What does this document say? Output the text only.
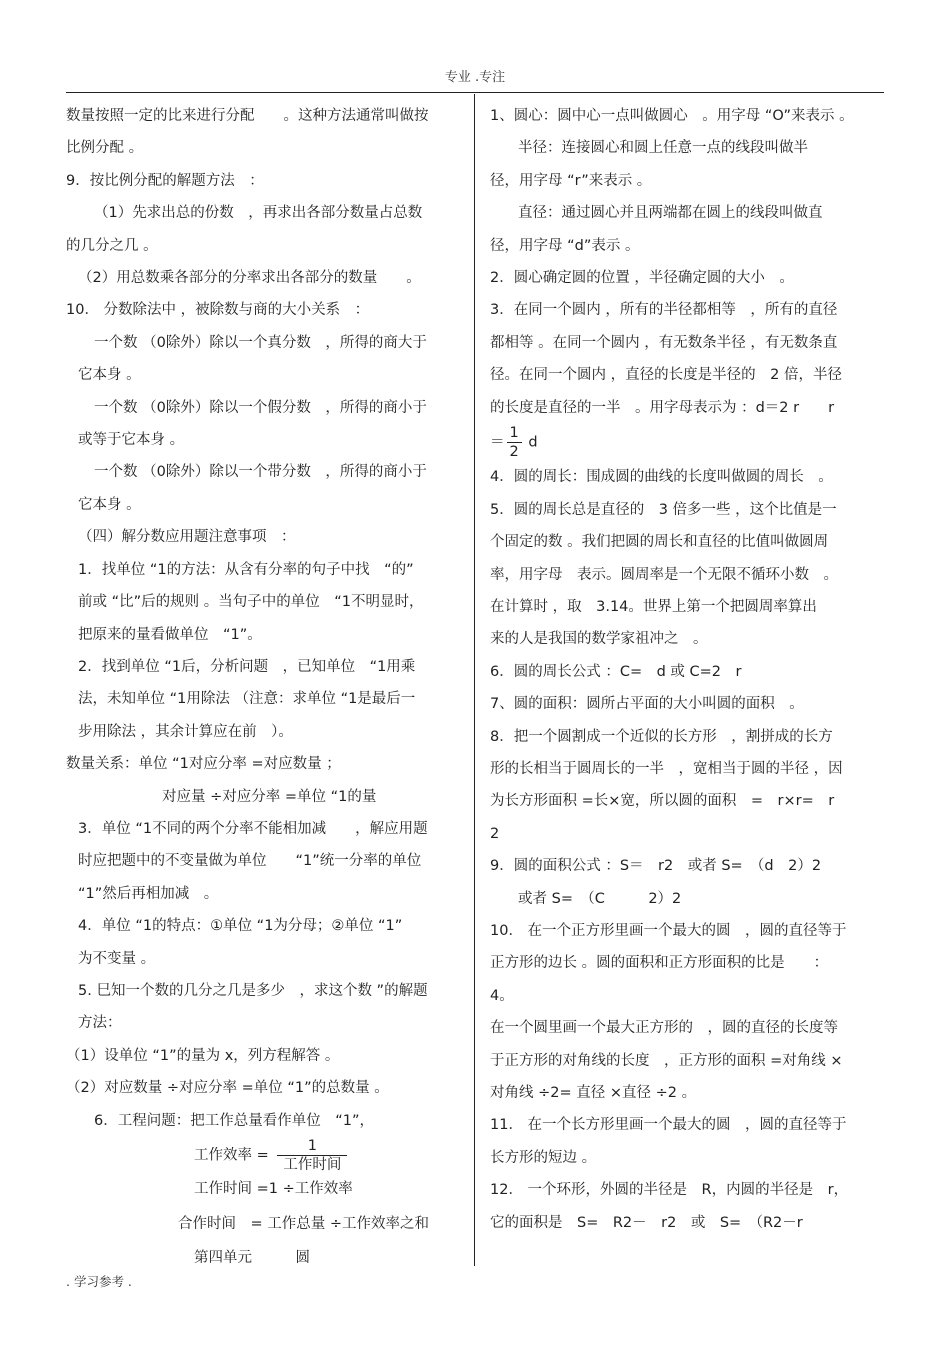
专业 .专注

数量按照一定的比来进行分配　　。这种方法通常叫做按

比例分配 。

9．按比例分配的解题方法　：

（1）先求出总的份数　，再求出各部分数量占总数

的几分之几 。

（2）用总数乘各部分的分率求出各部分的数量　　。

10． 分数除法中 ，被除数与商的大小关系　：

一个数 （0除外）除以一个真分数　，所得的商大于

它本身 。

一个数 （0除外）除以一个假分数　，所得的商小于

或等于它本身 。

一个数 （0除外）除以一个带分数　，所得的商小于

它本身 。

（四）解分数应用题注意事项　：

1．找单位 “1的方法：从含有分率的句子中找　“的”

前或 “比”后的规则 。当句子中的单位　“1不明显时，

把原来的量看做单位　“1”。

2．找到单位 “1后，分析问题　，已知单位　“1用乘

法，未知单位 “1用除法 （注意：求单位 “1是最后一

步用除法 ，其余计算应在前　）。

数量关系：单位 “1对应分率 =对应数量 ；

对应量 ÷对应分率 =单位 “1的量

3．单位 “1不同的两个分率不能相加减　　，解应用题

时应把题中的不变量做为单位　　“1”统一分率的单位

“1”然后再相加减　。

4．单位 “1的特点：①单位 “1为分母；②单位 “1”

为不变量 。

5. 巳知一个数的几分之几是多少　，求这个数 ”的解题

方法：

（1）设单位 “1”的量为 x，列方程解答 。

（2）对应数量 ÷对应分率 =单位 “1”的总数量 。

6．工程问题：把工作总量看作单位　“1”，

工作效率 = $\frac{1}{\text{工作时间}}$

工作时间 =1 ÷工作效率

合作时间　= 工作总量 ÷工作效率之和

第四单元　　　圆

1、圆心：圆中心一点叫做圆心　。用字母 “O”来表示 。

半径：连接圆心和圆上任意一点的线段叫做半

径，用字母 “r”来表示 。

直径：通过圆心并且两端都在圆上的线段叫做直

径，用字母 “d”表示 。

2．圆心确定圆的位置 ，半径确定圆的大小　。

3．在同一个圆内 ，所有的半径都相等　，所有的直径

都相等 。在同一个圆内 ，有无数条半径 ，有无数条直

径。在同一个圆内 ，直径的长度是半径的　2 倍，半径

的长度是直径的一半　。用字母表示为 ：d＝2 r　　r

＝ $\frac{1}{2}$ d

4．圆的周长：围成圆的曲线的长度叫做圆的周长　。

5．圆的周长总是直径的　3 倍多一些 ，这个比值是一

个固定的数 。我们把圆的周长和直径的比值叫做圆周

率，用字母　表示。圆周率是一个无限不循环小数　。

在计算时 ，取　3.14。世界上第一个把圆周率算出

来的人是我国的数学家祖冲之　。

6．圆的周长公式 ：C=　d 或 C=2　r

7、圆的面积：圆所占平面的大小叫圆的面积　。

8．把一个圆割成一个近似的长方形　，割拼成的长方

形的长相当于圆周长的一半　，宽相当于圆的半径 ，因

为长方形面积 =长×宽，所以圆的面积　=　r×r=　r

2

9．圆的面积公式 ：S＝　r2　或者 S=　（d　2）2

或者 S=　（C　　　2）2

10． 在一个正方形里画一个最大的圆　，圆的直径等于

正方形的边长 。圆的面积和正方形面积的比是　　：

4。

在一个圆里画一个最大正方形的　，圆的直径的长度等

于正方形的对角线的长度　，正方形的面积 =对角线 ×

对角线 ÷2= 直径 ×直径 ÷2 。

11． 在一个长方形里画一个最大的圆　，圆的直径等于

长方形的短边 。

12． 一个环形，外圆的半径是　R，内圆的半径是　r，

它的面积是　S=　R2－　r2　或　S=　（R2－r

. 学习参考 .
